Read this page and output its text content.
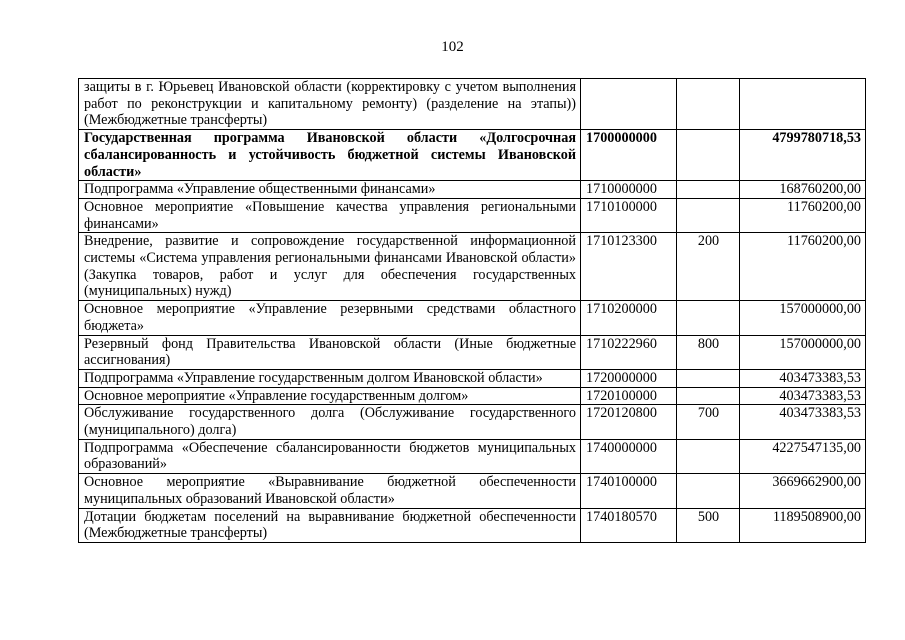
102
защиты в г. Юрьевец Ивановской области (корректировку с учетом выполнения работ по реконструкции и капитальному ремонту) (разделение на этапы)) (Межбюджетные трансферты)			
Государственная программа Ивановской области «Долгосрочная сбалансированность и устойчивость бюджетной системы Ивановской области»	1700000000		4799780718,53
Подпрограмма «Управление общественными финансами»	1710000000		168760200,00
Основное мероприятие «Повышение качества управления региональными финансами»	1710100000		11760200,00
Внедрение, развитие и сопровождение государственной информационной системы «Система управления региональными финансами Ивановской области» (Закупка товаров, работ и услуг для обеспечения государственных (муниципальных) нужд)	1710123300	200	11760200,00
Основное мероприятие «Управление резервными средствами областного бюджета»	1710200000		157000000,00
Резервный фонд Правительства Ивановской области (Иные бюджетные ассигнования)	1710222960	800	157000000,00
Подпрограмма «Управление государственным долгом Ивановской области»	1720000000		403473383,53
Основное мероприятие «Управление государственным долгом»	1720100000		403473383,53
Обслуживание государственного долга (Обслуживание государственного (муниципального) долга)	1720120800	700	403473383,53
Подпрограмма «Обеспечение сбалансированности бюджетов муниципальных образований»	1740000000		4227547135,00
Основное мероприятие «Выравнивание бюджетной обеспеченности муниципальных образований Ивановской области»	1740100000		3669662900,00
Дотации бюджетам поселений на выравнивание бюджетной обеспеченности (Межбюджетные трансферты)	1740180570	500	1189508900,00
